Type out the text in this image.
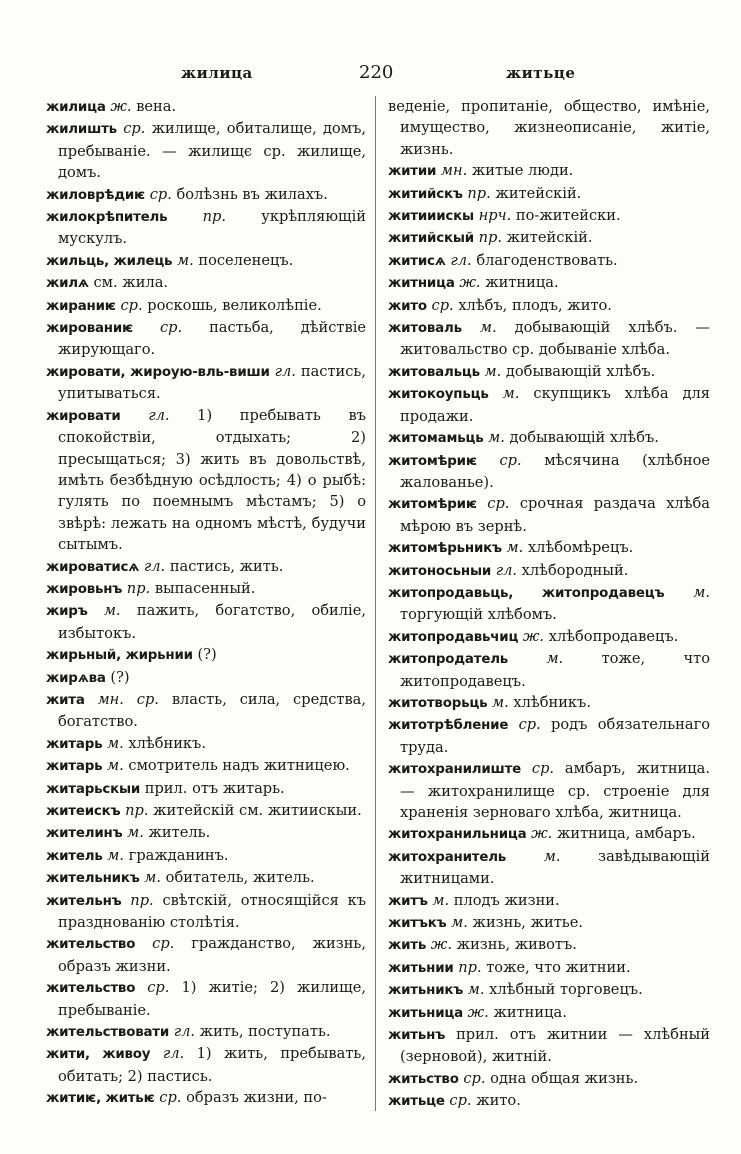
жилица	220	житьце

жилица ж. вена.

жилишть ср. жилище, обиталище, домъ, пребываніе. — жилищє ср. жилище, домъ.

жиловрѣдиѥ ср. болѣзнь въ жилахъ.

жилокрѣпитель пр. укрѣпляющій мускулъ.

жильць, жилець м. поселенецъ.

жилѧ см. жила.

жираниѥ ср. роскошь, великолѣпіе.

жированиѥ ср. пастьба, дѣйствіе жирующаго.

жировати, жироую-вль-виши гл. пастись, упитываться.

жировати гл. 1) пребывать въ спокойствіи, отдыхать; 2) пресыщаться; 3) жить въ довольствѣ, имѣть безбѣдную осѣдлость; 4) о рыбѣ: гулять по поемнымъ мѣстамъ; 5) о звѣрѣ: лежать на одномъ мѣстѣ, будучи сытымъ.

жироватисѧ гл. пастись, жить.

жировьнъ пр. выпасенный.

жиръ м. пажить, богатство, обиліе, избытокъ.

жирьный, жирьнии (?)

жирѧва (?)

жита мн. ср. власть, сила, средства, богатство.

житарь м. хлѣбникъ.

житарь м. смотритель надъ житницею.

житарьскыи прил. отъ житарь.

житеискъ пр. житейскій см. житиискыи.

жителинъ м. житель.

житель м. гражданинъ.

жительникъ м. обитатель, житель.

жительнъ пр. свѣтскій, относящійся къ празднованію столѣтія.

жительство ср. гражданство, жизнь, образъ жизни.

жительство ср. 1) житіе; 2) жилище, пребываніе.

жительствовати гл. жить, поступать.

жити, живоу гл. 1) жить, пребывать, обитать; 2) пастись.

житиѥ, житьѥ ср. образъ жизни, по-

веденіе, пропитаніе, общество, имѣніе, имущество, жизнеописаніе, житіе, жизнь.

житии мн. житые люди.

житийскъ пр. житейскій.

житииискы нрч. по-житейски.

житийскый пр. житейскій.

житисѧ гл. благоденствовать.

житница ж. житница.

жито ср. хлѣбъ, плодъ, жито.

житоваль м. добывающій хлѣбъ. — житовальство ср. добываніе хлѣба.

житовальць м. добывающій хлѣбъ.

житокоупьць м. скупщикъ хлѣба для продажи.

житомамьць м. добывающій хлѣбъ.

житомѣриѥ ср. мѣсячина (хлѣбное жалованье).

житомѣриѥ ср. срочная раздача хлѣба мѣрою въ зернѣ.

житомѣрьникъ м. хлѣбомѣрецъ.

житоносьныи гл. хлѣбородный.

житопродавьць, житопродавецъ м. торгующій хлѣбомъ.

житопродавьчиц ж. хлѣбопродавецъ.

житопродатель	м.	тоже, что житопродавецъ.

житотворьць м. хлѣбникъ.

житотрѣбление ср. родъ обязательнаго труда.

житохранилиште ср. амбаръ, житница. — житохранилище ср. строеніе для храненія зерноваго хлѣба, житница.

житохранильница ж. житница, амбаръ.

житохранитель	м.	завѣдывающій житницами.

житъ м. плодъ жизни.

житъкъ м. жизнь, житье.

жить ж. жизнь, животъ.

житьнии пр. тоже, что житнии.

житьникъ м. хлѣбный торговецъ.

житьница ж. житница.

житьнъ прил. отъ житнии — хлѣбный (зерновой), житній.

житьство ср. одна общая жизнь.

житьце ср. жито.
